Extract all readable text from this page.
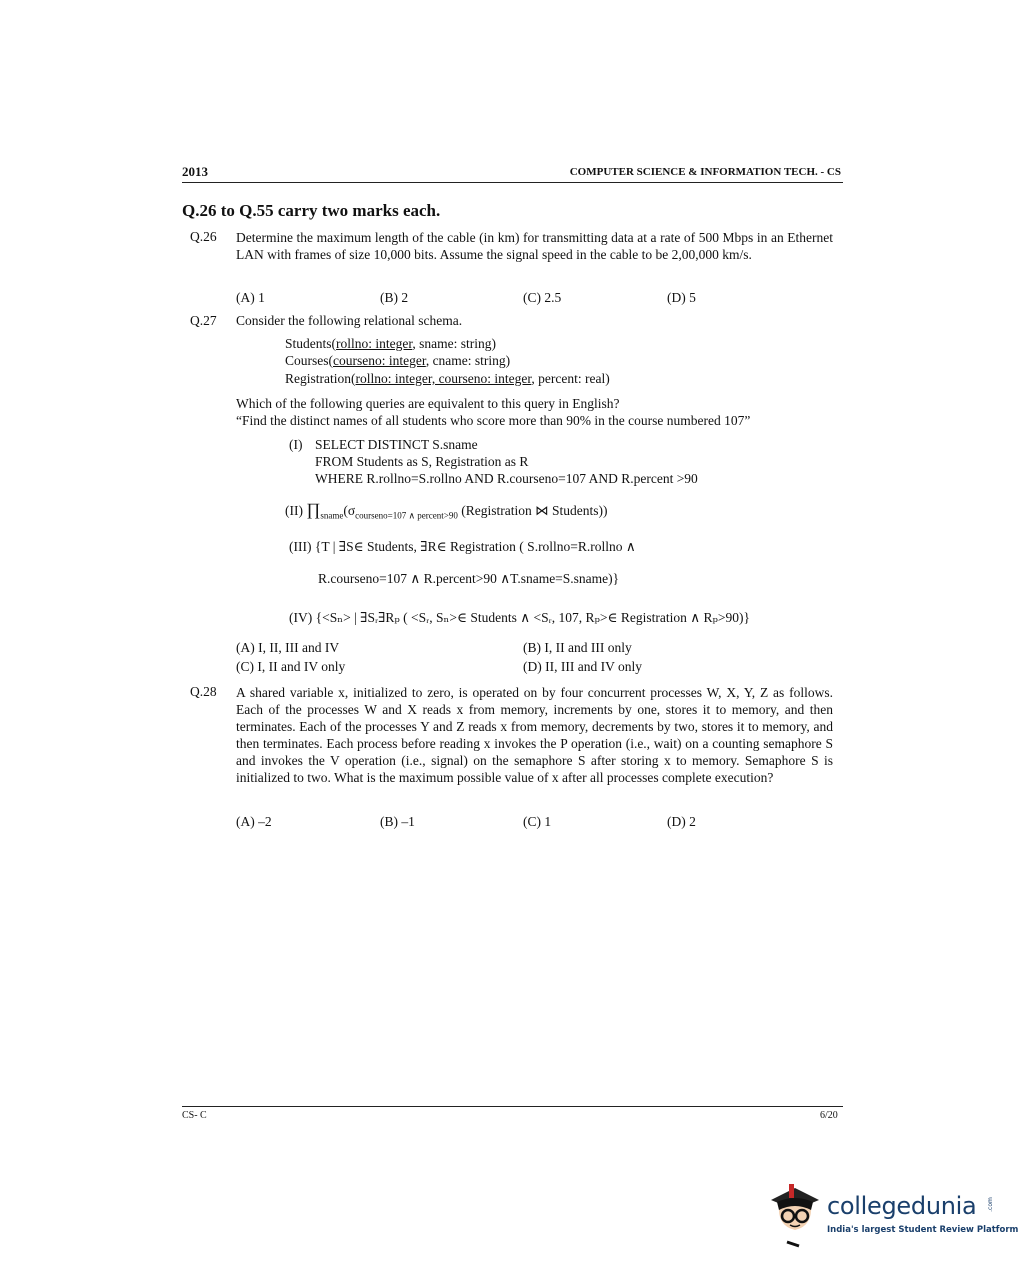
2013	COMPUTER SCIENCE & INFORMATION TECH. - CS
Q.26 to Q.55 carry two marks each.
Q.26 Determine the maximum length of the cable (in km) for transmitting data at a rate of 500 Mbps in an Ethernet LAN with frames of size 10,000 bits. Assume the signal speed in the cable to be 2,00,000 km/s.
(A) 1	(B) 2	(C) 2.5	(D) 5
Q.27 Consider the following relational schema.
Students(rollno: integer, sname: string)
Courses(courseno: integer, cname: string)
Registration(rollno: integer, courseno: integer, percent: real)
Which of the following queries are equivalent to this query in English?
“Find the distinct names of all students who score more than 90% in the course numbered 107”
(I) SELECT DISTINCT S.sname
FROM Students as S, Registration as R
WHERE R.rollno=S.rollno AND R.courseno=107 AND R.percent >90
(II) $\prod_{sname}(\sigma_{courseno=107 \wedge percent>90}$ (Registration ⋈ Students))
(III) {T | ∃S∈ Students, ∃R∈ Registration ( S.rollno=R.rollno ∧
R.courseno=107 ∧ R.percent>90 ∧T.sname=S.sname)}
(IV) {<Sₙ> | ∃Sᵣ∃Rₚ ( <Sᵣ, Sₙ>∈ Students ∧ <Sᵣ, 107, Rₚ>∈ Registration ∧ Rₚ>90)}
(A) I, II, III and IV	(B) I, II and III only
(C) I, II and IV only	(D) II, III and IV only
Q.28 A shared variable x, initialized to zero, is operated on by four concurrent processes W, X, Y, Z as follows. Each of the processes W and X reads x from memory, increments by one, stores it to memory, and then terminates. Each of the processes Y and Z reads x from memory, decrements by two, stores it to memory, and then terminates. Each process before reading x invokes the P operation (i.e., wait) on a counting semaphore S and invokes the V operation (i.e., signal) on the semaphore S after storing x to memory. Semaphore S is initialized to two. What is the maximum possible value of x after all processes complete execution?
(A) –2	(B) –1	(C) 1	(D) 2
CS- C	6/20
collegedunia .com
India's largest Student Review Platform
